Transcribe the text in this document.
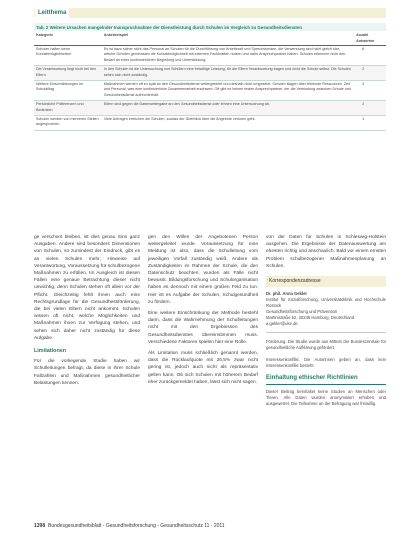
Leitthema
Tab. 2 Weitere Ursachen mangelnder Inanspruchnahme der Dienstleistung durch Schulen im Vergleich zu Gesundheitsdiensten
Kategorie	Ankerbeispiel	Anzahl Antworten
Schulen halten keine Kontaktmöglichkeiten	Es ist dazu sicher nicht das Personal an Schulen für die Durchführung von Arbeitszeit und Sprechstunden, die Verwendung sind nicht gleich klar, welche Schulen gemeinsam die Kontaktmöglichkeit mit externen Fachkräften nutzen und dafür Ansprechpartner haben. Schulen erkennen nicht den Bedarf an einer kontinuierlichen Begleitung und Unterstützung.	6
Die Verantwortung liegt nicht bei den Eltern	In den Schulen ist die Untersuchung von Schülern eine freiwillige Leistung, für die Eltern Verantwortung tragen und nicht die Schule selbst. Die Schulen sehen sich nicht zuständig.	2
Weitere Einschränkungen im Schulalltag	Maßnahmen werden oft zu spät an den Gesundheitsdienst weitergeleitet und deshalb nicht umgesetzt. Schulen klagen über fehlende Ressourcen, Zeit und Personal, was eine kontinuierliche Zusammenarbeit erschwert. Oft gibt es keinen festen Ansprechpartner, der die Verbindung zwischen Schule und Gesundheitsdienst aufrechterhält.	3
Persönliche Präferenzen und Bedenken	Eltern sind gegen die Datenweitergabe an den Gesundheitsdienst oder lehnen eine Untersuchung ab.	2
Schulen werden von mehreren Stellen angesprochen	Viele Anfragen erreichen die Schulen, sodass der Überblick über die Angebote verloren geht.	1

ge verschont bleiben, ist dies genau Sinn ganz Ausgaben. Andere sind besonders Dimensionen von Schulen, so zumindest der Eindruck, gibt es an vielen Schulen mehr, Hinweise auf Verantwortung, Voraussetzung für schulbezogene Maßnahmen zu erfüllen. Im Ausgleich ist diesen Fällen eine genaue Betrachtung dieser nicht unwichtig, denn Schulen stehen oft allein vor der Pflicht. Gleichzeitig fehlt ihnen auch eine Rechtsgrundlage für die Gesundheitsförderung, die bei vielen Eltern nicht ankommt. Schulen wissen oft nicht, welche Möglichkeiten und Maßnahmen ihnen zur Verfügung stehen, und sehen sich daher nicht zuständig für diese Aufgabe.

Limitationen

Für die vorliegende Studie haben wir Schulleitungen befragt, da diese in ihrer Schule Fallzahlen und Maßnahmen gesundheitlicher Belastungen kennen.

gen den Willen der Angebotenen Person weitergeleitet wurde. Voraussetzung für eine Meldung ist also, dass die Schulleitung vom jeweiligen Vorfall zuständig weiß. Andere als Zuständigkeiten im Rahmen der Schule, die den Datenschutz beachten, wurden als Fälle nicht bewusst. Bildungsforschung und Schulorganisation haben es dennoch mit einem großen Feld zu tun. Hier ist es Aufgabe der Schulen, Schulgesundheit zu fördern.

Eine weitere Einschränkung der Methode besteht darin, dass die Wahrnehmung der Schulleitungen nicht mit den Ergebnissen des Gesundheitsdienstes übereinstimmen muss. Verschiedene Faktoren spielen hier eine Rolle.

Als Limitation muss schließlich genannt werden, dass die Rücklaufquote mit 26,5% zwar nicht gering ist, jedoch auch nicht als repräsentativ gelten kann. Ob sich Schulen mit höherem Bedarf eher zurückgemeldet haben, lässt sich nicht sagen.

von der Daten für Schulen in Schleswig-Holstein ausgehen. Die Ergebnisse der Datenauswertung am ehesten richtig und anschaulich. Bald vor einem ernsten Problem schulbezogener Maßnahmenplanung an Schulen.

Korrespondenzadresse
Dr. phil. Anna Gekler
Institut für Sozialforschung, Universitätsklinik und Hochschule Rostock
Gesundheitsforschung und Prävention
Martinistraße 52, 20246 Hamburg, Deutschland
a.gekler@uke.de
Förderung. Die Studie wurde aus Mitteln der Bundeszentrale für gesundheitliche Aufklärung gefördert.
Interessenkonflikt. Die Autorinnen geben an, dass kein Interessenkonflikt besteht.
Einhaltung ethischer Richtlinien
Dieser Beitrag beinhaltet keine Studien an Menschen oder Tieren. Alle Daten wurden anonymisiert erhoben und ausgewertet. Die Teilnahme an der Befragung war freiwillig.
1398 Bundesgesundheitsblatt - Gesundheitsforschung - Gesundheitsschutz 11 · 2011
